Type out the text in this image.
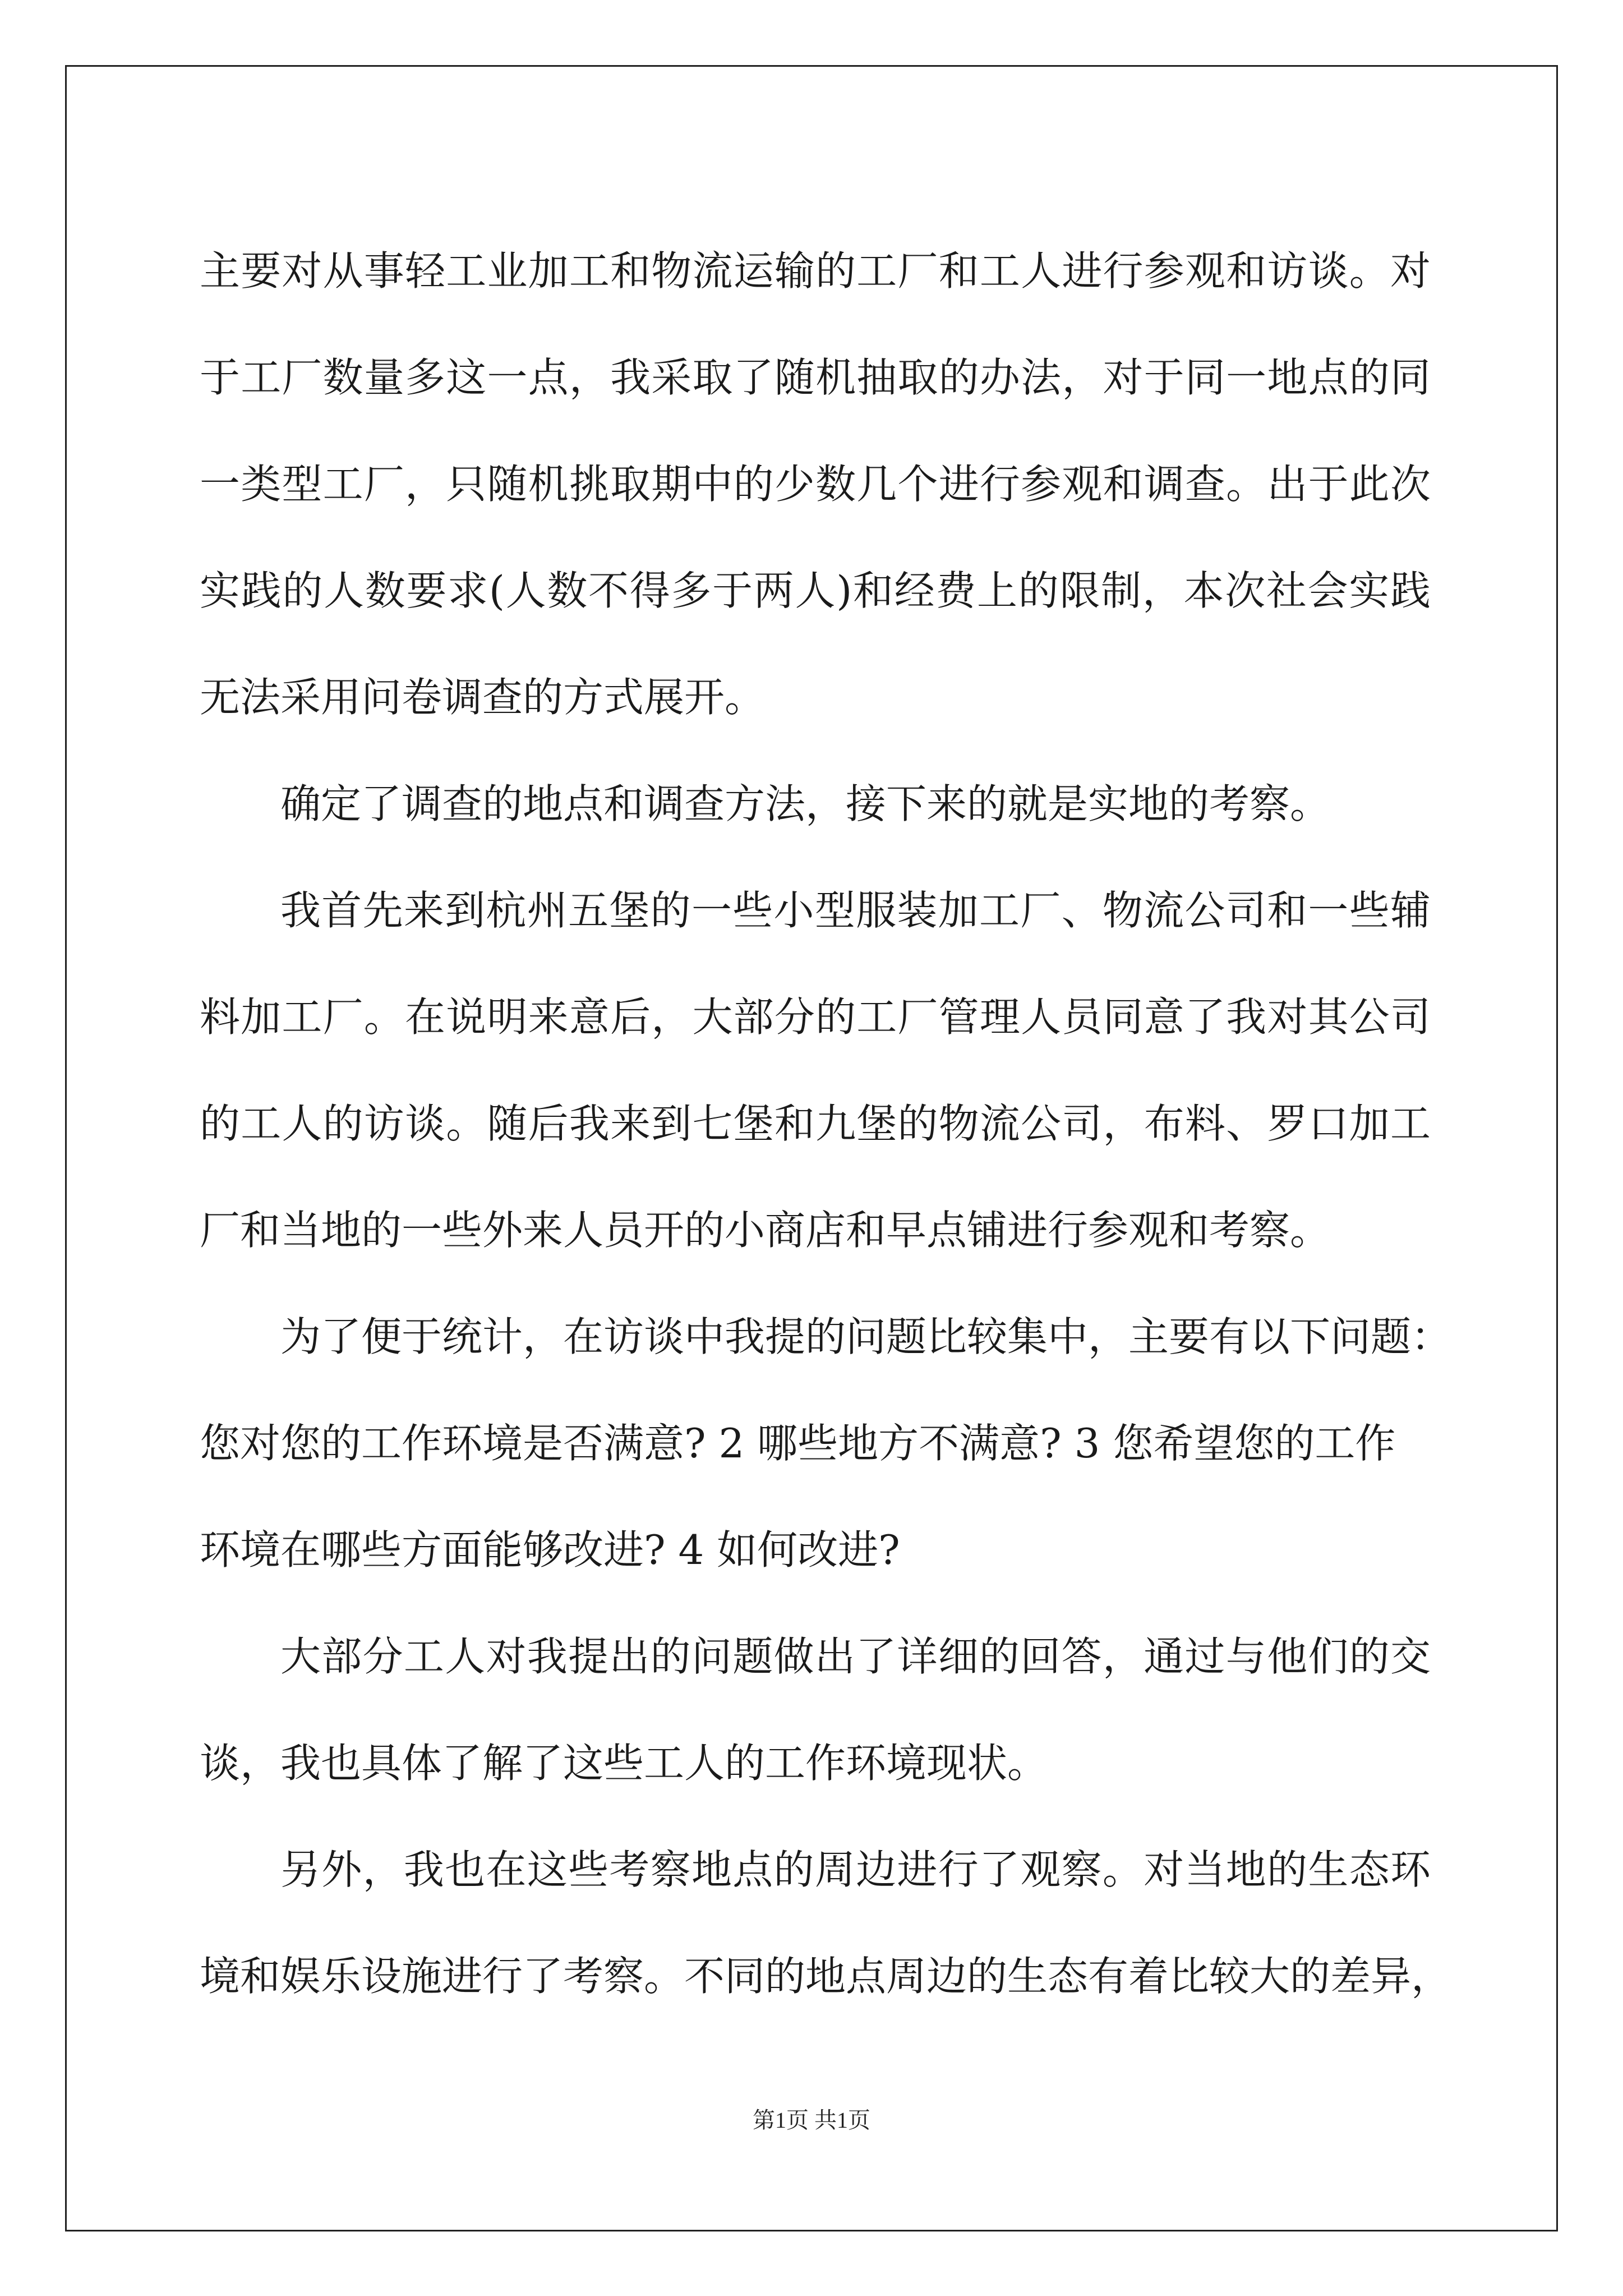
主要对从事轻工业加工和物流运输的工厂和工人进行参观和访谈。对
于工厂数量多这一点，我采取了随机抽取的办法，对于同一地点的同
一类型工厂，只随机挑取期中的少数几个进行参观和调查。出于此次
实践的人数要求(人数不得多于两人)和经费上的限制，本次社会实践
无法采用问卷调查的方式展开。
确定了调查的地点和调查方法，接下来的就是实地的考察。
我首先来到杭州五堡的一些小型服装加工厂、物流公司和一些辅
料加工厂。在说明来意后，大部分的工厂管理人员同意了我对其公司
的工人的访谈。随后我来到七堡和九堡的物流公司，布料、罗口加工
厂和当地的一些外来人员开的小商店和早点铺进行参观和考察。
为了便于统计，在访谈中我提的问题比较集中，主要有以下问题：
您对您的工作环境是否满意? 2 哪些地方不满意? 3 您希望您的工作
环境在哪些方面能够改进? 4 如何改进?
大部分工人对我提出的问题做出了详细的回答，通过与他们的交
谈，我也具体了解了这些工人的工作环境现状。
另外，我也在这些考察地点的周边进行了观察。对当地的生态环
境和娱乐设施进行了考察。不同的地点周边的生态有着比较大的差异，
第1页 共1页
